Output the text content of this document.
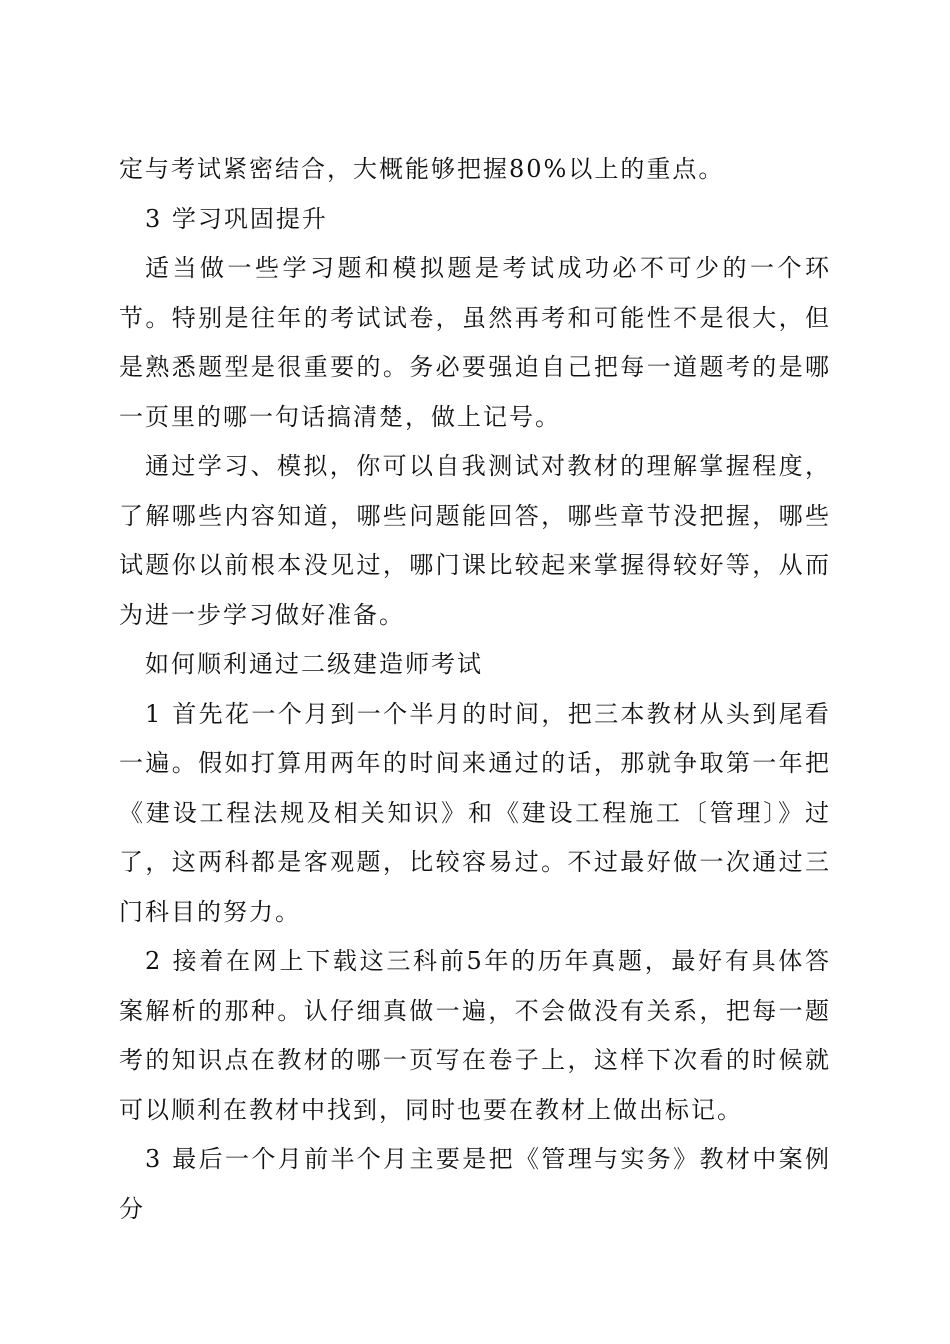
定与考试紧密结合，大概能够把握80%以上的重点。

3 学习巩固提升

适当做一些学习题和模拟题是考试成功必不可少的一个环节。特别是往年的考试试卷，虽然再考和可能性不是很大，但是熟悉题型是很重要的。务必要强迫自己把每一道题考的是哪一页里的哪一句话搞清楚，做上记号。

通过学习、模拟，你可以自我测试对教材的理解掌握程度，了解哪些内容知道，哪些问题能回答，哪些章节没把握，哪些试题你以前根本没见过，哪门课比较起来掌握得较好等，从而为进一步学习做好准备。

如何顺利通过二级建造师考试

1 首先花一个月到一个半月的时间，把三本教材从头到尾看一遍。假如打算用两年的时间来通过的话，那就争取第一年把《建设工程法规及相关知识》和《建设工程施工〔管理〕》过了，这两科都是客观题，比较容易过。不过最好做一次通过三门科目的努力。

2 接着在网上下载这三科前5年的历年真题，最好有具体答案解析的那种。认仔细真做一遍，不会做没有关系，把每一题考的知识点在教材的哪一页写在卷子上，这样下次看的时候就可以顺利在教材中找到，同时也要在教材上做出标记。

3 最后一个月前半个月主要是把《管理与实务》教材中案例分
